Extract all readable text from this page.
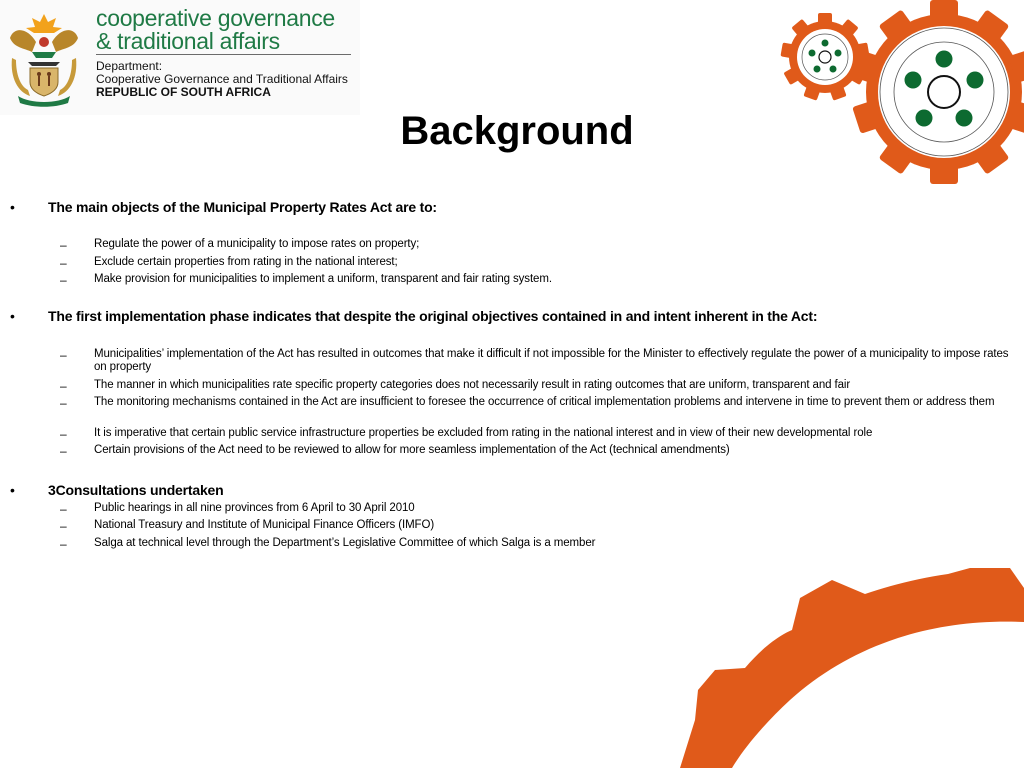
cooperative governance
& traditional affairs
Department:
Cooperative Governance and Traditional Affairs
REPUBLIC OF SOUTH AFRICA
Background
• The main objects of the Municipal Property Rates Act are to:
– Regulate the power of a municipality to impose rates on property;
– Exclude certain properties from rating in the national interest;
– Make provision for municipalities to implement a uniform, transparent and fair rating system.
• The first implementation phase indicates that despite the original objectives contained in and intent inherent in the Act:
– Municipalities’ implementation of the Act has resulted in outcomes that make it difficult if not impossible for the Minister to effectively regulate the power of a municipality to impose rates on property
– The manner in which municipalities rate specific property categories does not necessarily result in rating outcomes that are uniform, transparent and fair
– The monitoring mechanisms contained in the Act are insufficient to foresee the occurrence of critical implementation problems and intervene in time to prevent them or address them
– It is imperative that certain public service infrastructure properties be excluded from rating in the national interest and in view of their new developmental role
– Certain provisions of the Act need to be reviewed to allow for more seamless implementation of the Act (technical amendments)
• 3Consultations undertaken
– Public hearings in all nine provinces from 6 April to 30 April 2010
– National Treasury and Institute of Municipal Finance Officers (IMFO)
– Salga at technical level through the Department’s Legislative Committee of which Salga is a member
